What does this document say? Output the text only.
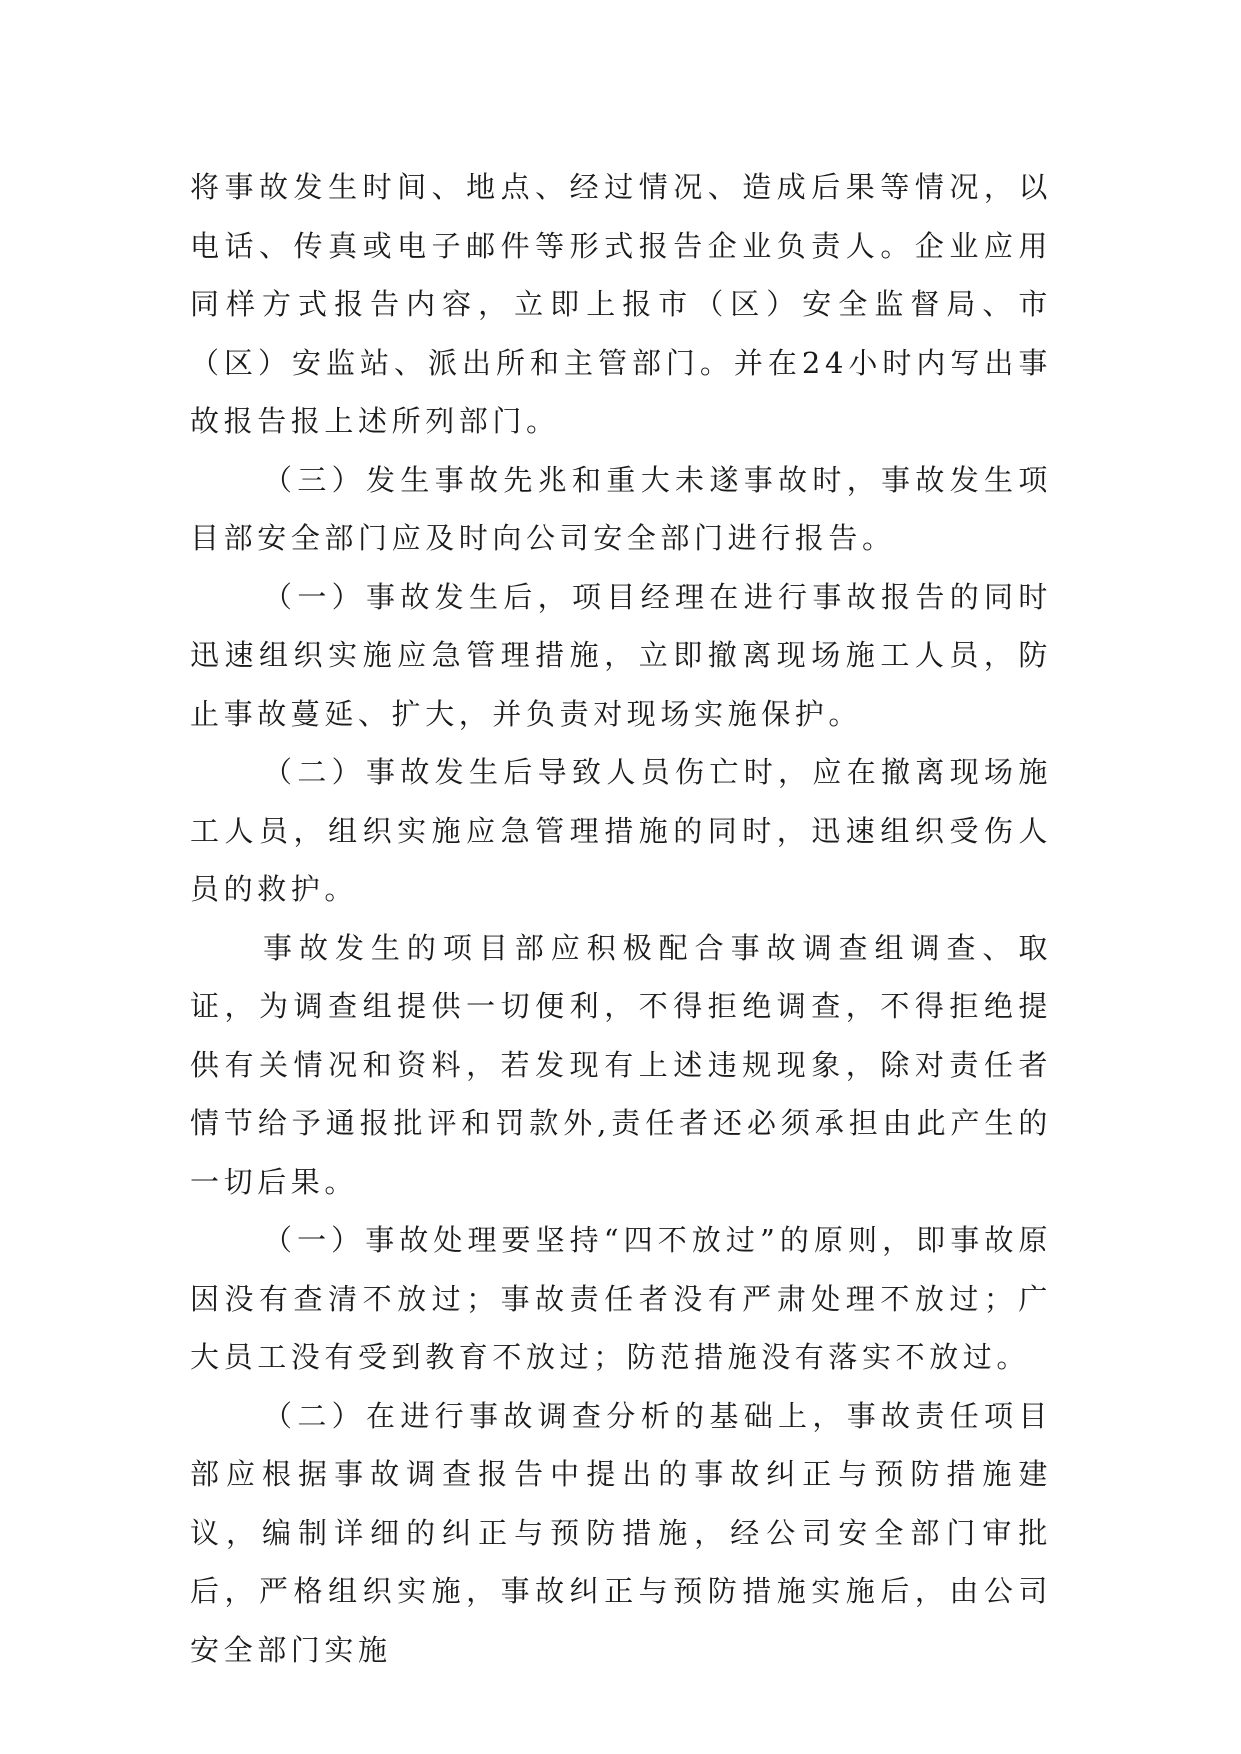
将事故发生时间、地点、经过情况、造成后果等情况，以电话、传真或电子邮件等形式报告企业负责人。企业应用同样方式报告内容，立即上报市（区）安全监督局、市（区）安监站、派出所和主管部门。并在24小时内写出事故报告报上述所列部门。

（三）发生事故先兆和重大未遂事故时，事故发生项目部安全部门应及时向公司安全部门进行报告。

（一）事故发生后，项目经理在进行事故报告的同时迅速组织实施应急管理措施，立即撤离现场施工人员，防止事故蔓延、扩大，并负责对现场实施保护。

（二）事故发生后导致人员伤亡时，应在撤离现场施工人员，组织实施应急管理措施的同时，迅速组织受伤人员的救护。

事故发生的项目部应积极配合事故调查组调查、取证，为调查组提供一切便利，不得拒绝调查，不得拒绝提供有关情况和资料，若发现有上述违规现象，除对责任者情节给予通报批评和罚款外,责任者还必须承担由此产生的一切后果。

（一）事故处理要坚持“四不放过”的原则，即事故原因没有查清不放过；事故责任者没有严肃处理不放过；广大员工没有受到教育不放过；防范措施没有落实不放过。

（二）在进行事故调查分析的基础上，事故责任项目部应根据事故调查报告中提出的事故纠正与预防措施建议，编制详细的纠正与预防措施，经公司安全部门审批后，严格组织实施，事故纠正与预防措施实施后，由公司安全部门实施
